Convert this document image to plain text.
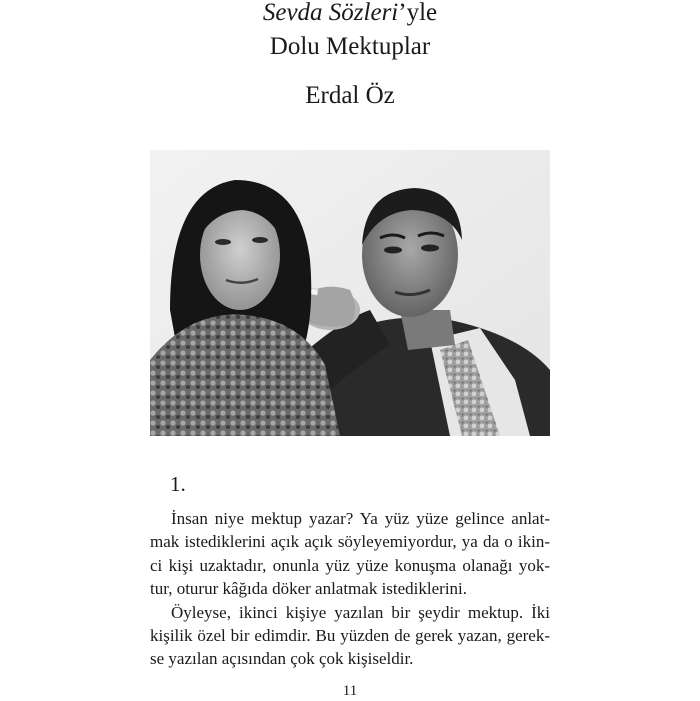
Sevda Sözleri’yle
Dolu Mektuplar
Erdal Öz
1.

İnsan niye mektup yazar? Ya yüz yüze gelince anlat-
mak istediklerini açık açık söyleyemiyordur, ya da o ikin-
ci kişi uzaktadır, onunla yüz yüze konuşma olanağı yok-
tur, oturur kâğıda döker anlatmak istediklerini.

Öyleyse, ikinci kişiye yazılan bir şeydir mektup. İki
kişilik özel bir edimdir. Bu yüzden de gerek yazan, gerek-
se yazılan açısından çok çok kişiseldir.

11
